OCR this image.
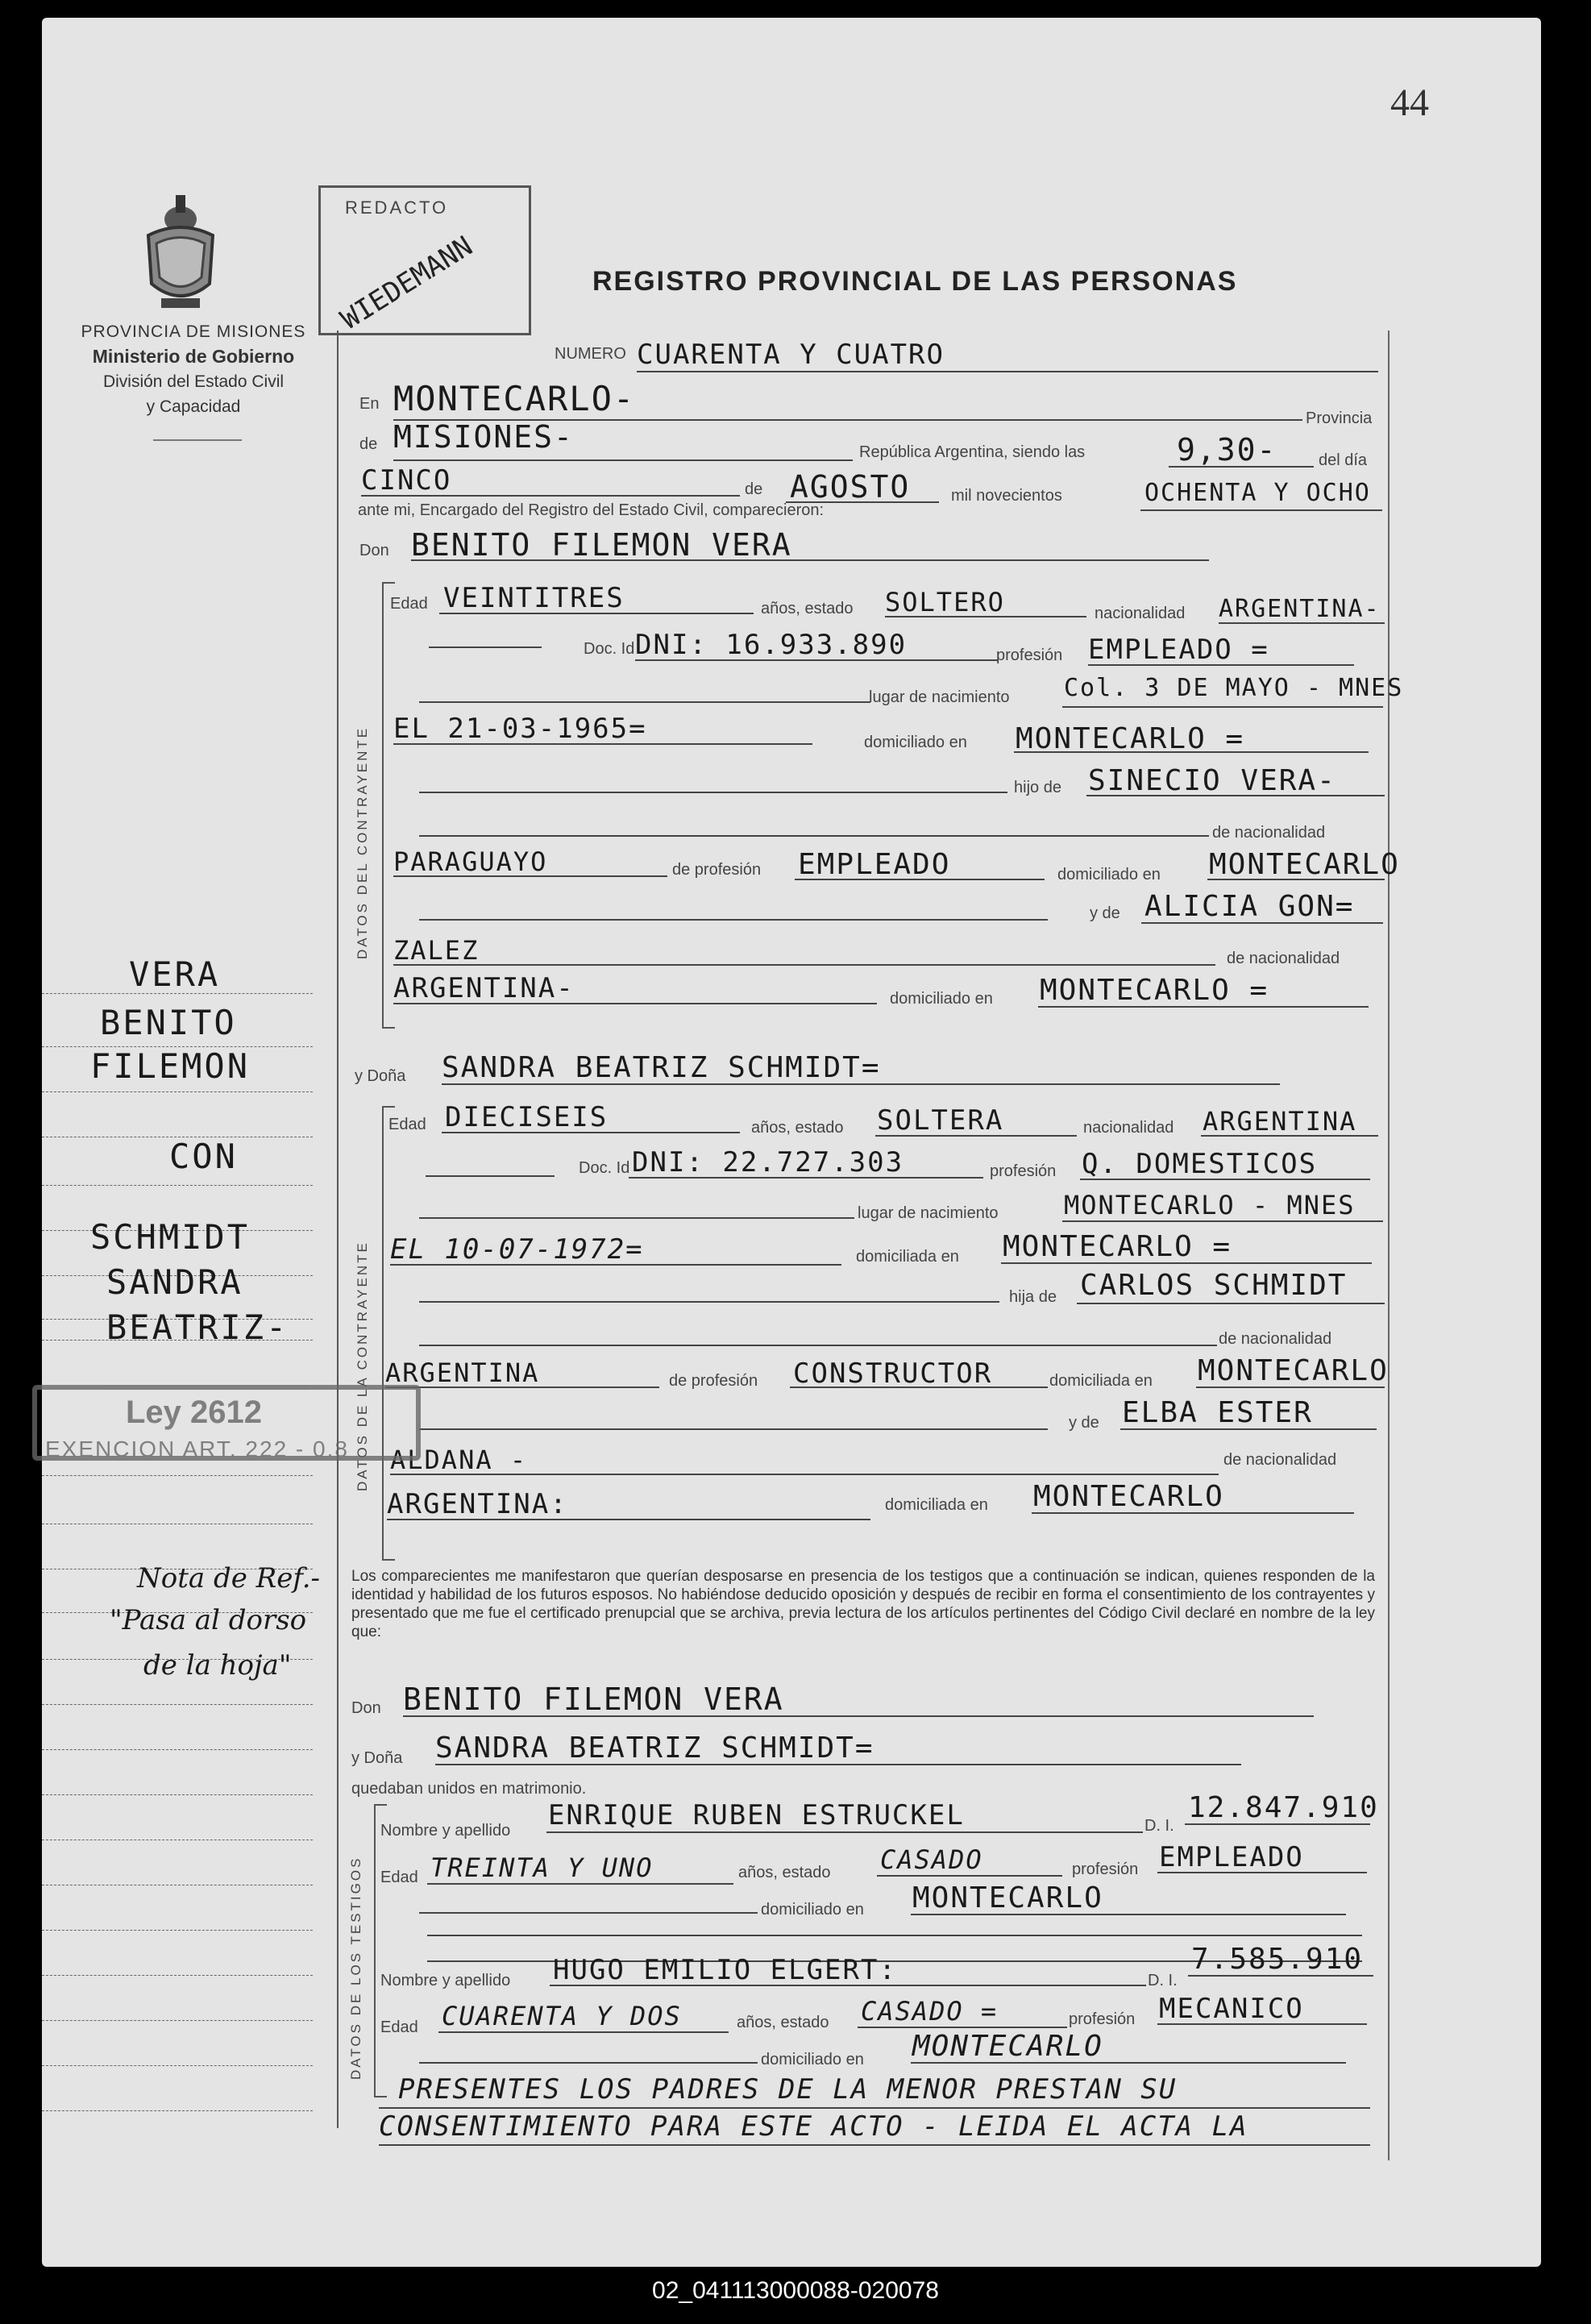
44
PROVINCIA DE MISIONES
Ministerio de Gobierno
División del Estado Civil
y Capacidad
REDACTO
WIEDEMANN	REGISTRO PROVINCIAL DE LAS PERSONAS
NUMERO CUARENTA Y CUATRO
En MONTECARLO-	Provincia
de MISIONES-	República Argentina, siendo las	9,30-	del día
CINCO	de AGOSTO	mil novecientos	OCHENTA Y OCHO
ante mi, Encargado del Registro del Estado Civil, comparecieron:
Don BENITO FILEMON VERA
DATOS DEL CONTRAYENTE
Edad VEINTITRES	años, estado SOLTERO	nacionalidad ARGENTINA-
Doc. Id DNI: 16.933.890	profesión EMPLEADO =
lugar de nacimiento Col. 3 DE MAYO - MNES
EL 21-03-1965=	domiciliado en MONTECARLO =
hijo de SINECIO VERA-
de nacionalidad
PARAGUAYO	de profesión EMPLEADO	domiciliado en MONTECARLO
y de ALICIA GON=
ZALEZ	de nacionalidad
ARGENTINA-	domiciliado en MONTECARLO =
y Doña SANDRA BEATRIZ SCHMIDT=
DATOS DE LA CONTRAYENTE
Edad DIECISEIS	años, estado SOLTERA	nacionalidad ARGENTINA
Doc. Id DNI: 22.727.303	profesión Q. DOMESTICOS
lugar de nacimiento	MONTECARLO - MNES
EL 10-07-1972=	domiciliada en MONTECARLO =
hija de CARLOS SCHMIDT
de nacionalidad
ARGENTINA	de profesión CONSTRUCTOR	domiciliada en MONTECARLO
y de ELBA ESTER
ALDANA -	de nacionalidad
ARGENTINA:	domiciliada en MONTECARLO
Los comparecientes me manifestaron que querían desposarse en presencia de los testigos que a continuación se indican, quienes responden de la identidad y habilidad de los futuros esposos. No habiéndose deducido oposición y después de recibir en forma el consentimiento de los contrayentes y presentado que me fue el certificado prenupcial que se archiva, previa lectura de los artículos pertinentes del Código Civil declaré en nombre de la ley que:
Don BENITO FILEMON VERA
y Doña SANDRA BEATRIZ SCHMIDT=
quedaban unidos en matrimonio.
DATOS DE LOS TESTIGOS
Nombre y apellido ENRIQUE RUBEN ESTRUCKEL	D. I.
12.847.910
Edad TREINTA Y UNO	años, estado CASADO	profesión EMPLEADO
domiciliado en MONTECARLO
Nombre y apellido HUGO EMILIO ELGERT:	D. I.
7.585.910
Edad CUARENTA Y DOS	años, estado CASADO =	profesión MECANICO
domiciliado en MONTECARLO
PRESENTES LOS PADRES DE LA MENOR PRESTAN SU
CONSENTIMIENTO PARA ESTE ACTO - LEIDA EL ACTA LA
VERA
BENITO
FILEMON
CON
SCHMIDT
SANDRA
BEATRIZ-
Ley 2612
EXENCION ART. 222 - 0.8
Nota de Ref.-
"Pasa al dorso
de la hoja"
02_041113000088-020078
